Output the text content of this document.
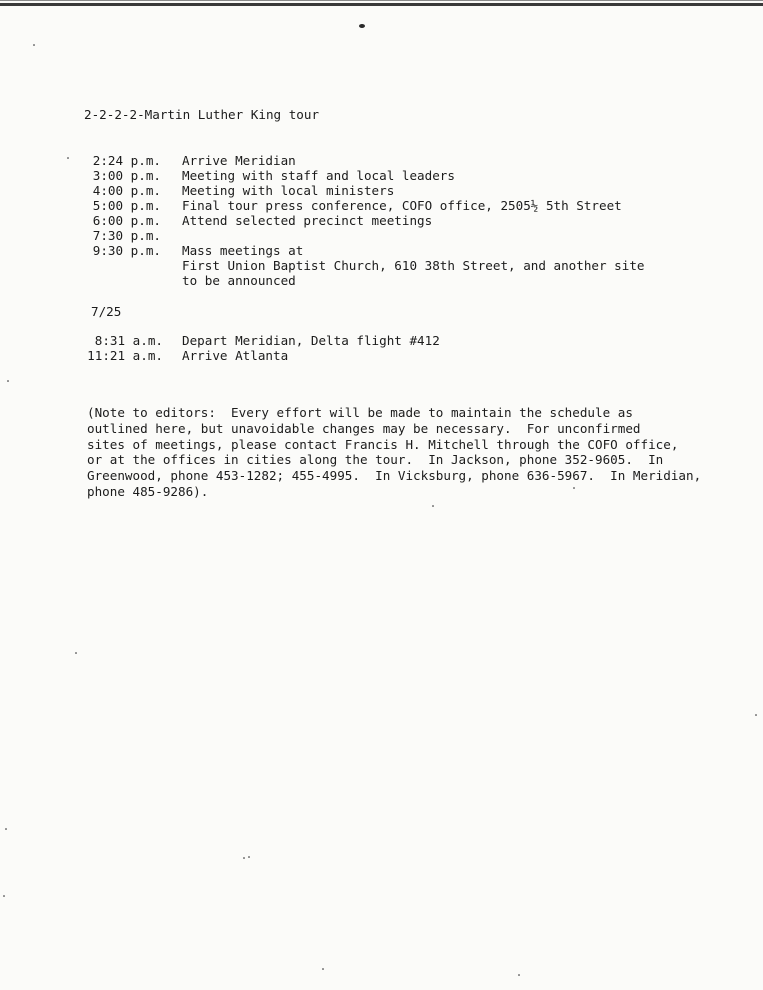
2-2-2-2-Martin Luther King tour
2:24 p.m. Arrive Meridian
3:00 p.m. Meeting with staff and local leaders
4:00 p.m. Meeting with local ministers
5:00 p.m. Final tour press conference, COFO office, 2505½ 5th Street
6:00 p.m. Attend selected precinct meetings
7:30 p.m.
9:30 p.m. Mass meetings at
First Union Baptist Church, 610 38th Street, and another site
to be announced
7/25
8:31 a.m. Depart Meridian, Delta flight #412
11:21 a.m. Arrive Atlanta
(Note to editors:  Every effort will be made to maintain the schedule as
outlined here, but unavoidable changes may be necessary.  For unconfirmed
sites of meetings, please contact Francis H. Mitchell through the COFO office,
or at the offices in cities along the tour.  In Jackson, phone 352-9605.  In
Greenwood, phone 453-1282; 455-4995.  In Vicksburg, phone 636-5967.  In Meridian,
phone 485-9286).
